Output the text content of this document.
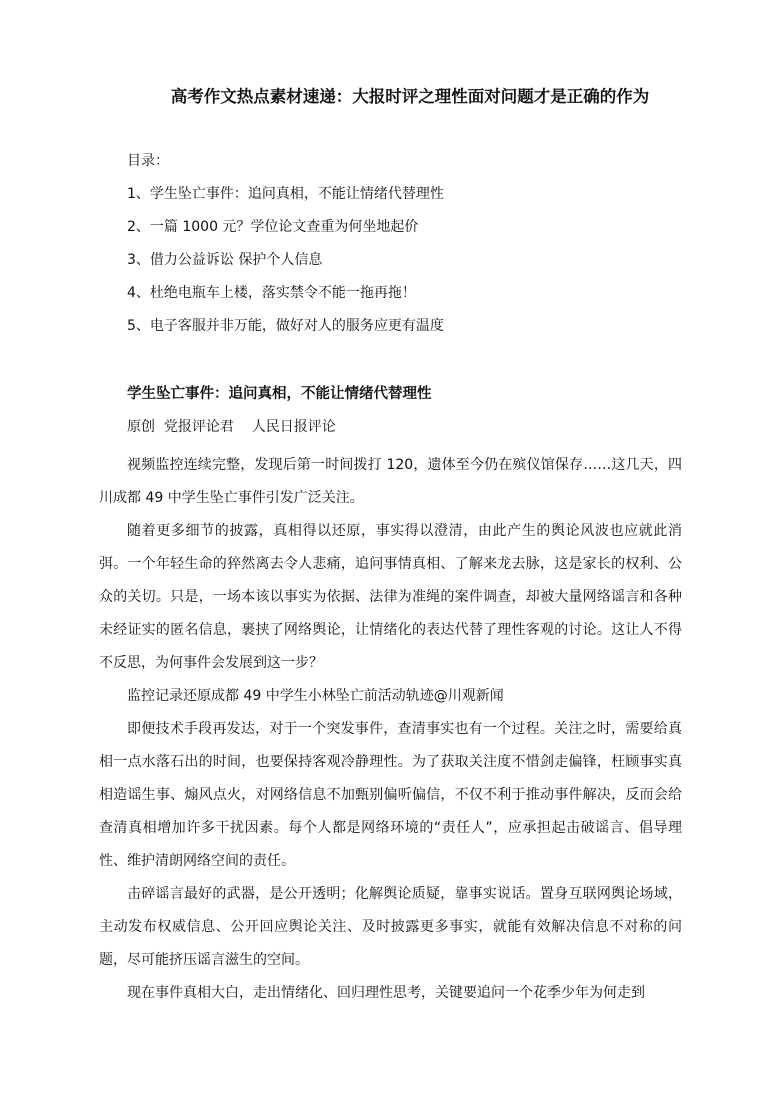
高考作文热点素材速递：大报时评之理性面对问题才是正确的作为
目录：
1、学生坠亡事件：追问真相，不能让情绪代替理性
2、一篇 1000 元？学位论文查重为何坐地起价
3、借力公益诉讼 保护个人信息
4、杜绝电瓶车上楼，落实禁令不能一拖再拖！
5、电子客服并非万能，做好对人的服务应更有温度
学生坠亡事件：追问真相，不能让情绪代替理性
原创  党报评论君    人民日报评论

视频监控连续完整，发现后第一时间拨打 120，遗体至今仍在殡仪馆保存……这几天，四川成都 49 中学生坠亡事件引发广泛关注。

随着更多细节的披露，真相得以还原，事实得以澄清，由此产生的舆论风波也应就此消弭。一个年轻生命的猝然离去令人悲痛，追问事情真相、了解来龙去脉，这是家长的权利、公众的关切。只是，一场本该以事实为依据、法律为准绳的案件调查，却被大量网络谣言和各种未经证实的匿名信息，裹挟了网络舆论，让情绪化的表达代替了理性客观的讨论。这让人不得不反思，为何事件会发展到这一步？

监控记录还原成都 49 中学生小林坠亡前活动轨迹@川观新闻

即便技术手段再发达，对于一个突发事件，查清事实也有一个过程。关注之时，需要给真相一点水落石出的时间，也要保持客观冷静理性。为了获取关注度不惜剑走偏锋，枉顾事实真相造谣生事、煽风点火，对网络信息不加甄别偏听偏信，不仅不利于推动事件解决，反而会给查清真相增加许多干扰因素。每个人都是网络环境的“责任人”，应承担起击破谣言、倡导理性、维护清朗网络空间的责任。

击碎谣言最好的武器，是公开透明；化解舆论质疑，靠事实说话。置身互联网舆论场域，主动发布权威信息、公开回应舆论关注、及时披露更多事实，就能有效解决信息不对称的问题，尽可能挤压谣言滋生的空间。

现在事件真相大白，走出情绪化、回归理性思考，关键要追问一个花季少年为何走到
